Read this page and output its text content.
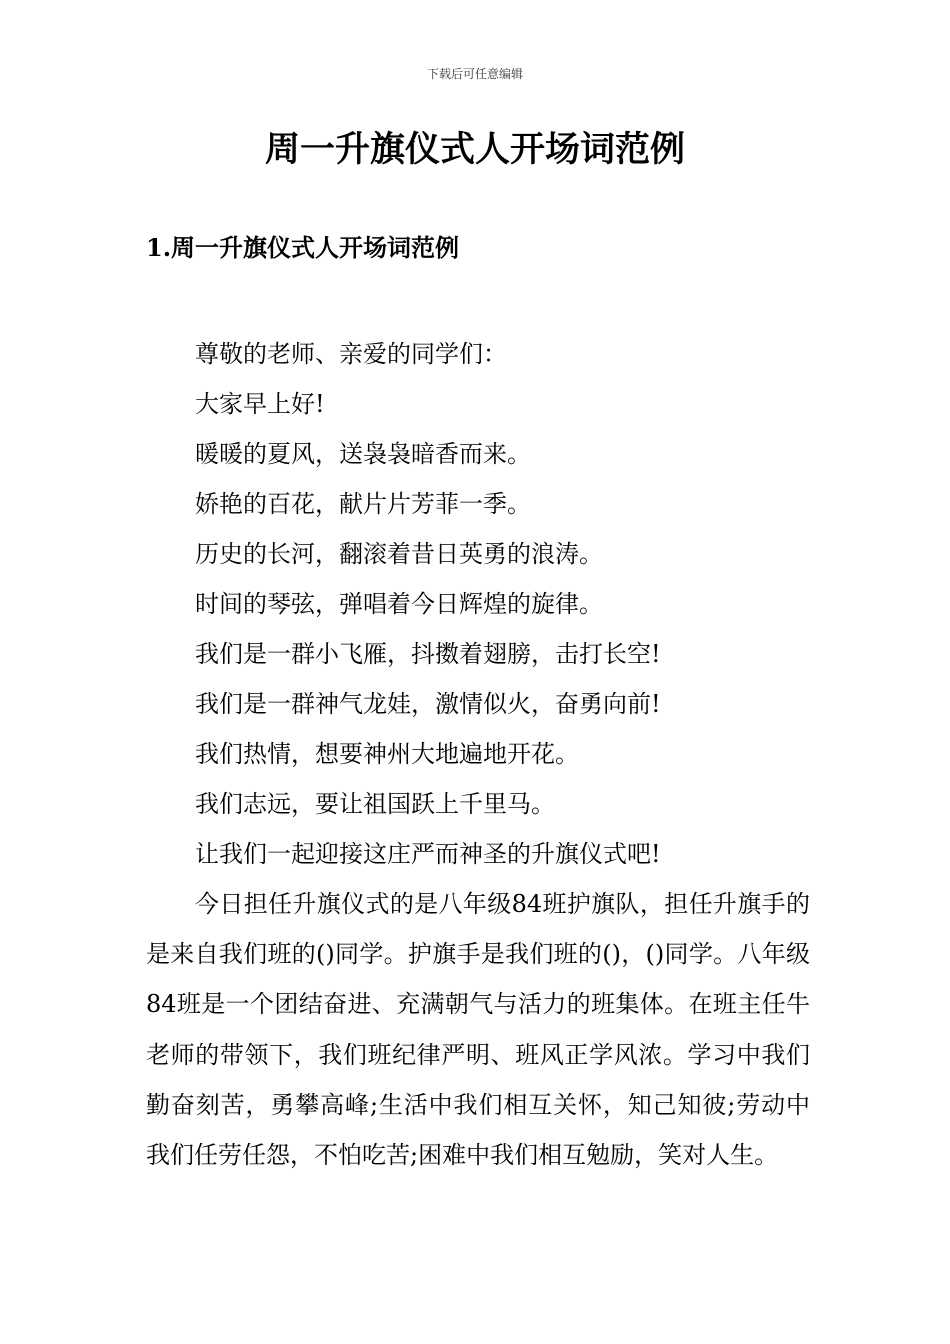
下载后可任意编辑
周一升旗仪式人开场词范例
1.周一升旗仪式人开场词范例

尊敬的老师、亲爱的同学们：

大家早上好!

暖暖的夏风，送袅袅暗香而来。

娇艳的百花，献片片芳菲一季。

历史的长河，翻滚着昔日英勇的浪涛。

时间的琴弦，弹唱着今日辉煌的旋律。

我们是一群小飞雁，抖擞着翅膀，击打长空!

我们是一群神气龙娃，激情似火，奋勇向前!

我们热情，想要神州大地遍地开花。

我们志远，要让祖国跃上千里马。

让我们一起迎接这庄严而神圣的升旗仪式吧!

今日担任升旗仪式的是八年级84班护旗队，担任升旗手的是来自我们班的()同学。护旗手是我们班的()，()同学。八年级84班是一个团结奋进、充满朝气与活力的班集体。在班主任牛老师的带领下，我们班纪律严明、班风正学风浓。学习中我们勤奋刻苦，勇攀高峰;生活中我们相互关怀，知己知彼;劳动中我们任劳任怨，不怕吃苦;困难中我们相互勉励，笑对人生。
